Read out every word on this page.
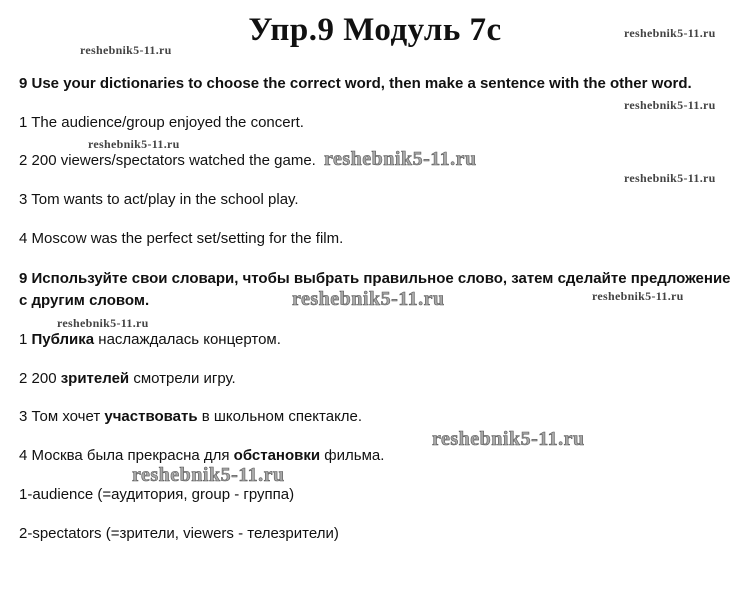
Упр.9 Модуль 7c
reshebnik5-11.ru
reshebnik5-11.ru
reshebnik5-11.ru
reshebnik5-11.ru
reshebnik5-11.ru
reshebnik5-11.ru
reshebnik5-11.ru	reshebnik5-11.ru
reshebnik5-11.ru
reshebnik5-11.ru
reshebnik5-11.ru

9 Use your dictionaries to choose the correct word, then make a sentence with the other word.

1 The audience/group enjoyed the concert.

2 200 viewers/spectators watched the game.

3 Tom wants to act/play in the school play.

4 Moscow was the perfect set/setting for the film.

9 Используйте свои словари, чтобы выбрать правильное слово, затем сделайте предложение с другим словом.

1 Публика наслаждалась концертом.

2 200 зрителей смотрели игру.

3 Том хочет участвовать в школьном спектакле.

4 Москва была прекрасна для обстановки фильма.

1-audience (=аудитория, group - группа)

2-spectators (=зрители, viewers - телезрители)
